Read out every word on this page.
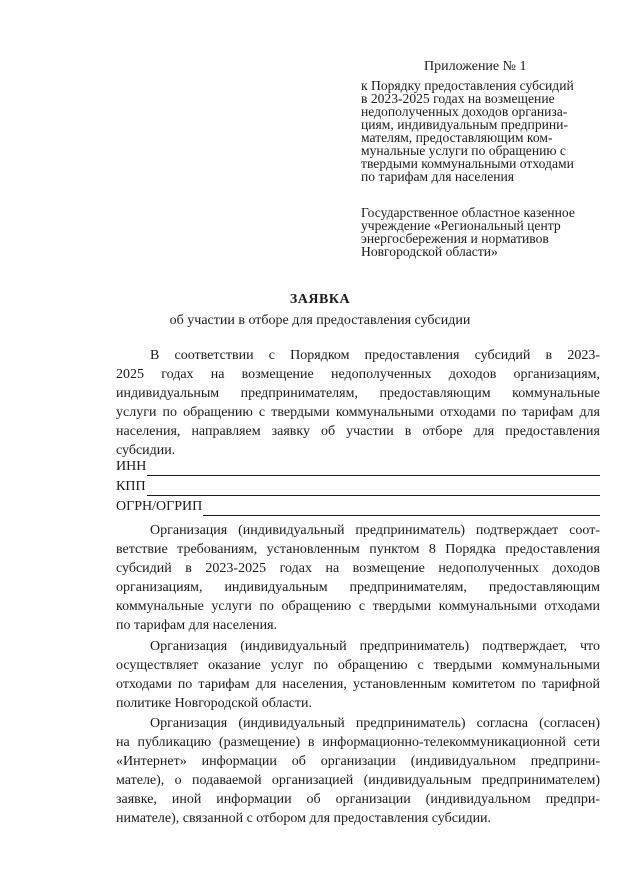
Приложение № 1

к Порядку предоставления субсидий
в 2023-2025 годах на возмещение
недополученных доходов организа-
циям, индивидуальным предприни-
мателям, предоставляющим ком-
мунальные услуги по обращению с
твердыми коммунальными отходами
по тарифам для населения
Государственное областное казенное
учреждение «Региональный центр
энергосбережения и нормативов
Новгородской области»

ЗАЯВКА

об участии в отборе для предоставления субсидии

В соответствии с Порядком предоставления субсидий в 2023-
2025 годах на возмещение недополученных доходов организациям,
индивидуальным предпринимателям, предоставляющим коммунальные
услуги по обращению с твердыми коммунальными отходами по тарифам для
населения, направляем заявку об участии в отборе для предоставления
субсидии.
ИНН
КПП
ОГРН/ОГРИП
Организация (индивидуальный предприниматель) подтверждает соот-
ветствие требованиям, установленным пунктом 8 Порядка предоставления
субсидий в 2023-2025 годах на возмещение недополученных доходов
организациям, индивидуальным предпринимателям, предоставляющим
коммунальные услуги по обращению с твердыми коммунальными отходами
по тарифам для населения.
Организация (индивидуальный предприниматель) подтверждает, что
осуществляет оказание услуг по обращению с твердыми коммунальными
отходами по тарифам для населения, установленным комитетом по тарифной
политике Новгородской области.
Организация (индивидуальный предприниматель) согласна (согласен)
на публикацию (размещение) в информационно-телекоммуникационной сети
«Интернет» информации об организации (индивидуальном предприни-
мателе), о подаваемой организацией (индивидуальным предпринимателем)
заявке, иной информации об организации (индивидуальном предпри-
нимателе), связанной с отбором для предоставления субсидии.
